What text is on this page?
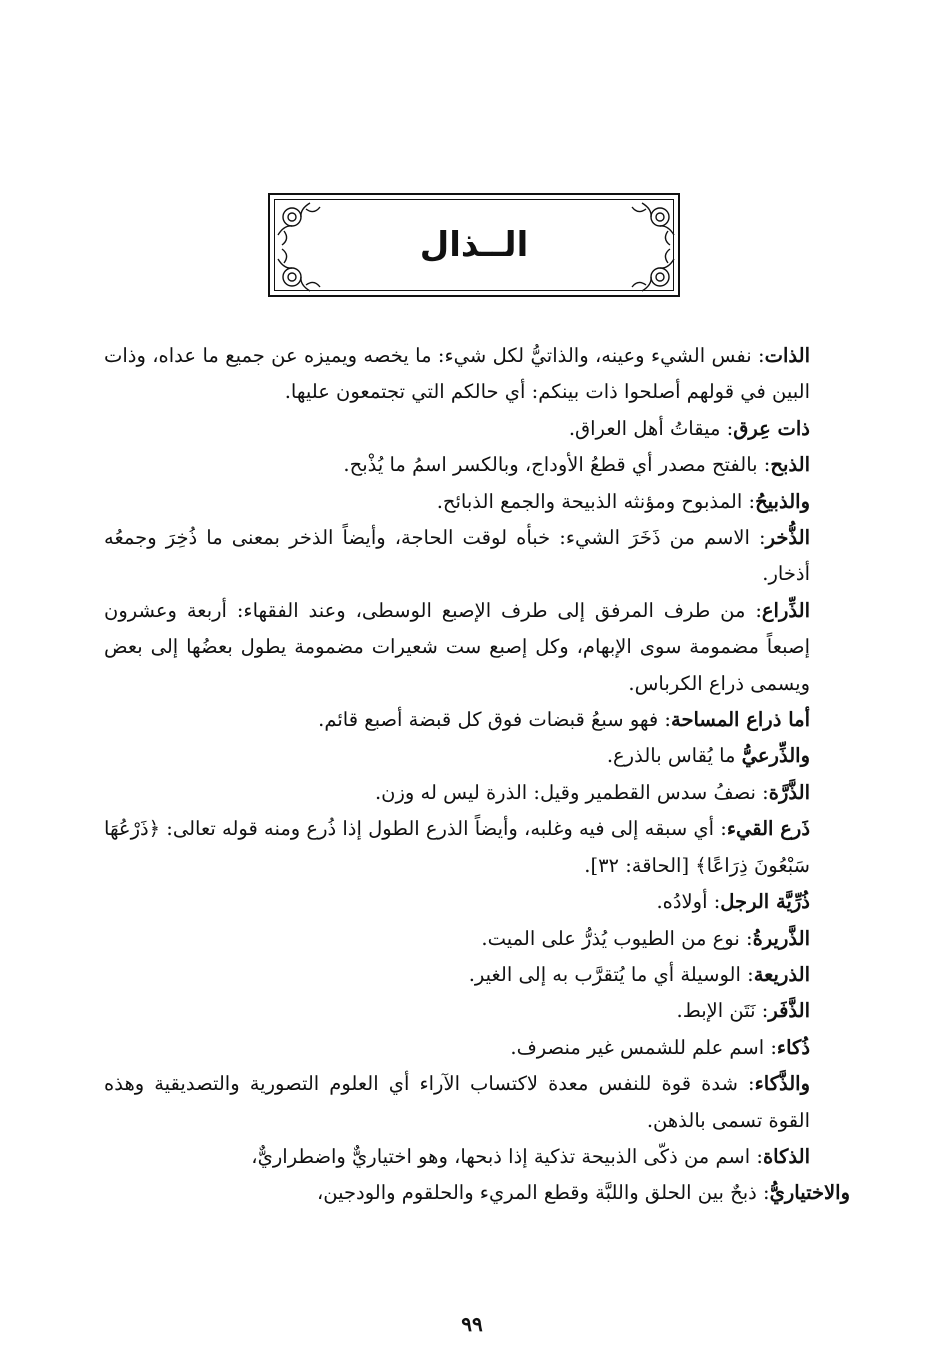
الــذال

الذات: نفس الشيء وعينه، والذاتيُّ لكل شيء: ما يخصه ويميزه عن جميع ما عداه، وذات البين في قولهم أصلحوا ذات بينكم: أي حالكم التي تجتمعون عليها.

ذات عِرق: ميقاتُ أهل العراق.

الذبح: بالفتح مصدر أي قطعُ الأوداج، وبالكسر اسمُ ما يُذْبح.

والذبيحُ: المذبوح ومؤنثه الذبيحة والجمع الذبائح.

الذُّخر: الاسم من ذَخَرَ الشيء: خبأه لوقت الحاجة، وأيضاً الذخر بمعنى ما ذُخِرَ وجمعُه أذخار.

الذِّراع: من طرف المرفق إلى طرف الإصبع الوسطى، وعند الفقهاء: أربعة وعشرون إصبعاً مضمومة سوى الإبهام، وكل إصبع ست شعيرات مضمومة يطول بعضُها إلى بعض ويسمى ذراع الكرباس.

أما ذراع المساحة: فهو سبعُ قبضات فوق كل قبضة أصبع قائم.

والذِّرعيُّ ما يُقاس بالذرع.

الذَّرَّة: نصفُ سدس القطمير وقيل: الذرة ليس له وزن.

ذَرع القيء: أي سبقه إلى فيه وغلبه، وأيضاً الذرع الطول إذا ذُرع ومنه قوله تعالى: ﴿ذَرْعُهَا سَبْعُونَ ذِرَاعًا﴾ [الحاقة: ٣٢].

ذُرِّيَّة الرجل: أولادُه.

الذَّريرةُ: نوع من الطيوب يُذرُّ على الميت.

الذريعة: الوسيلة أي ما يُتقرَّب به إلى الغير.

الذَّفَر: نَتَن الإبط.

ذُكاء: اسم علم للشمس غير منصرف.

والذَّكاء: شدة قوة للنفس معدة لاكتساب الآراء أي العلوم التصورية والتصديقية وهذه القوة تسمى بالذهن.

الذكاة: اسم من ذكّى الذبيحة تذكية إذا ذبحها، وهو اختياريٌّ واضطراريٌّ،

والاختياريُّ: ذبحٌ بين الحلق واللبَّة وقطع المريء والحلقوم والودجين،

٩٩
